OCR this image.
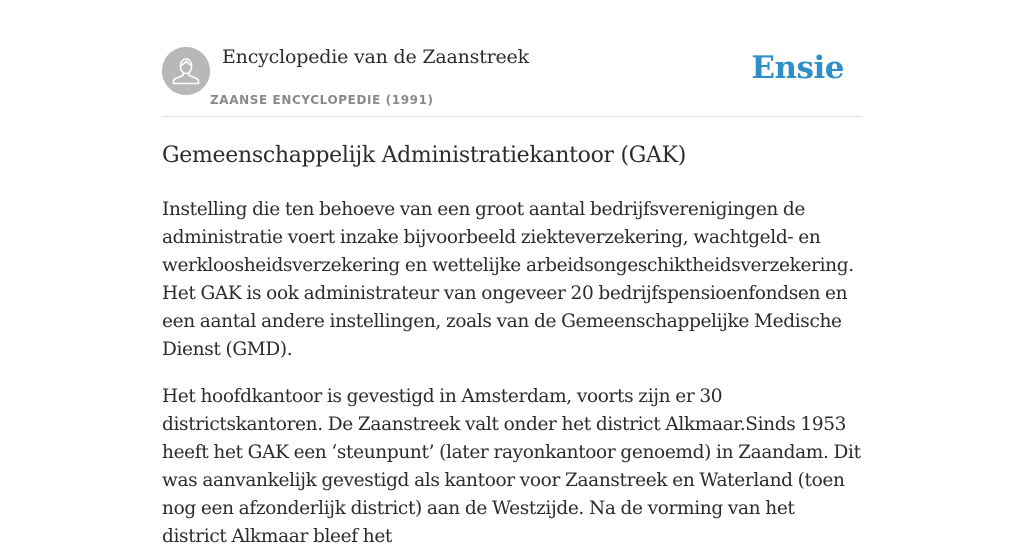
Encyclopedie van de Zaanstreek
ZAANSE ENCYCLOPEDIE (1991)
Ensie
Gemeenschappelijk Administratiekantoor (GAK)

Instelling die ten behoeve van een groot aantal bedrijfsverenigingen de administratie voert inzake bijvoorbeeld ziekteverzekering, wachtgeld- en werkloosheidsverzekering en wettelijke arbeidsongeschiktheidsverzekering. Het GAK is ook administrateur van ongeveer 20 bedrijfspensioenfondsen en een aantal andere instellingen, zoals van de Gemeenschappelijke Medische Dienst (GMD).

Het hoofdkantoor is gevestigd in Amsterdam, voorts zijn er 30 districtskantoren. De Zaanstreek valt onder het district Alkmaar.Sinds 1953 heeft het GAK een ‘steunpunt’ (later rayonkantoor genoemd) in Zaandam. Dit was aanvankelijk gevestigd als kantoor voor Zaanstreek en Waterland (toen nog een afzonderlijk district) aan de Westzijde. Na de vorming van het district Alkmaar bleef het
